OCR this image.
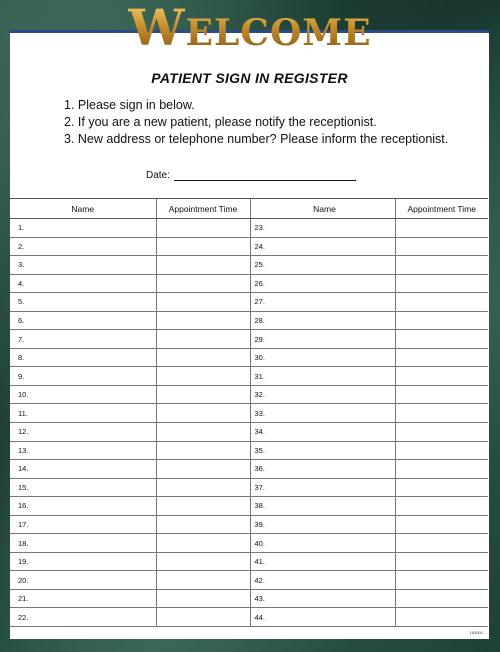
WELCOME
PATIENT SIGN IN REGISTER
1. Please sign in below.
2. If you are a new patient, please notify the receptionist.
3. New address or telephone number? Please inform the receptionist.
Date:
Name	Appointment Time	Name	Appointment Time
1.		23.	
2.		24.	
3.		25.	
4.		26.	
5.		27.	
6.		28.	
7.		29.	
8.		30.	
9.		31.	
10.		32.	
11.		33.	
12.		34.	
13.		35.	
14.		36.	
15.		37.	
16.		38.	
17.		39.	
18.		40.	
19.		41.	
20.		42.	
21.		43.	
22.		44.	
163001
